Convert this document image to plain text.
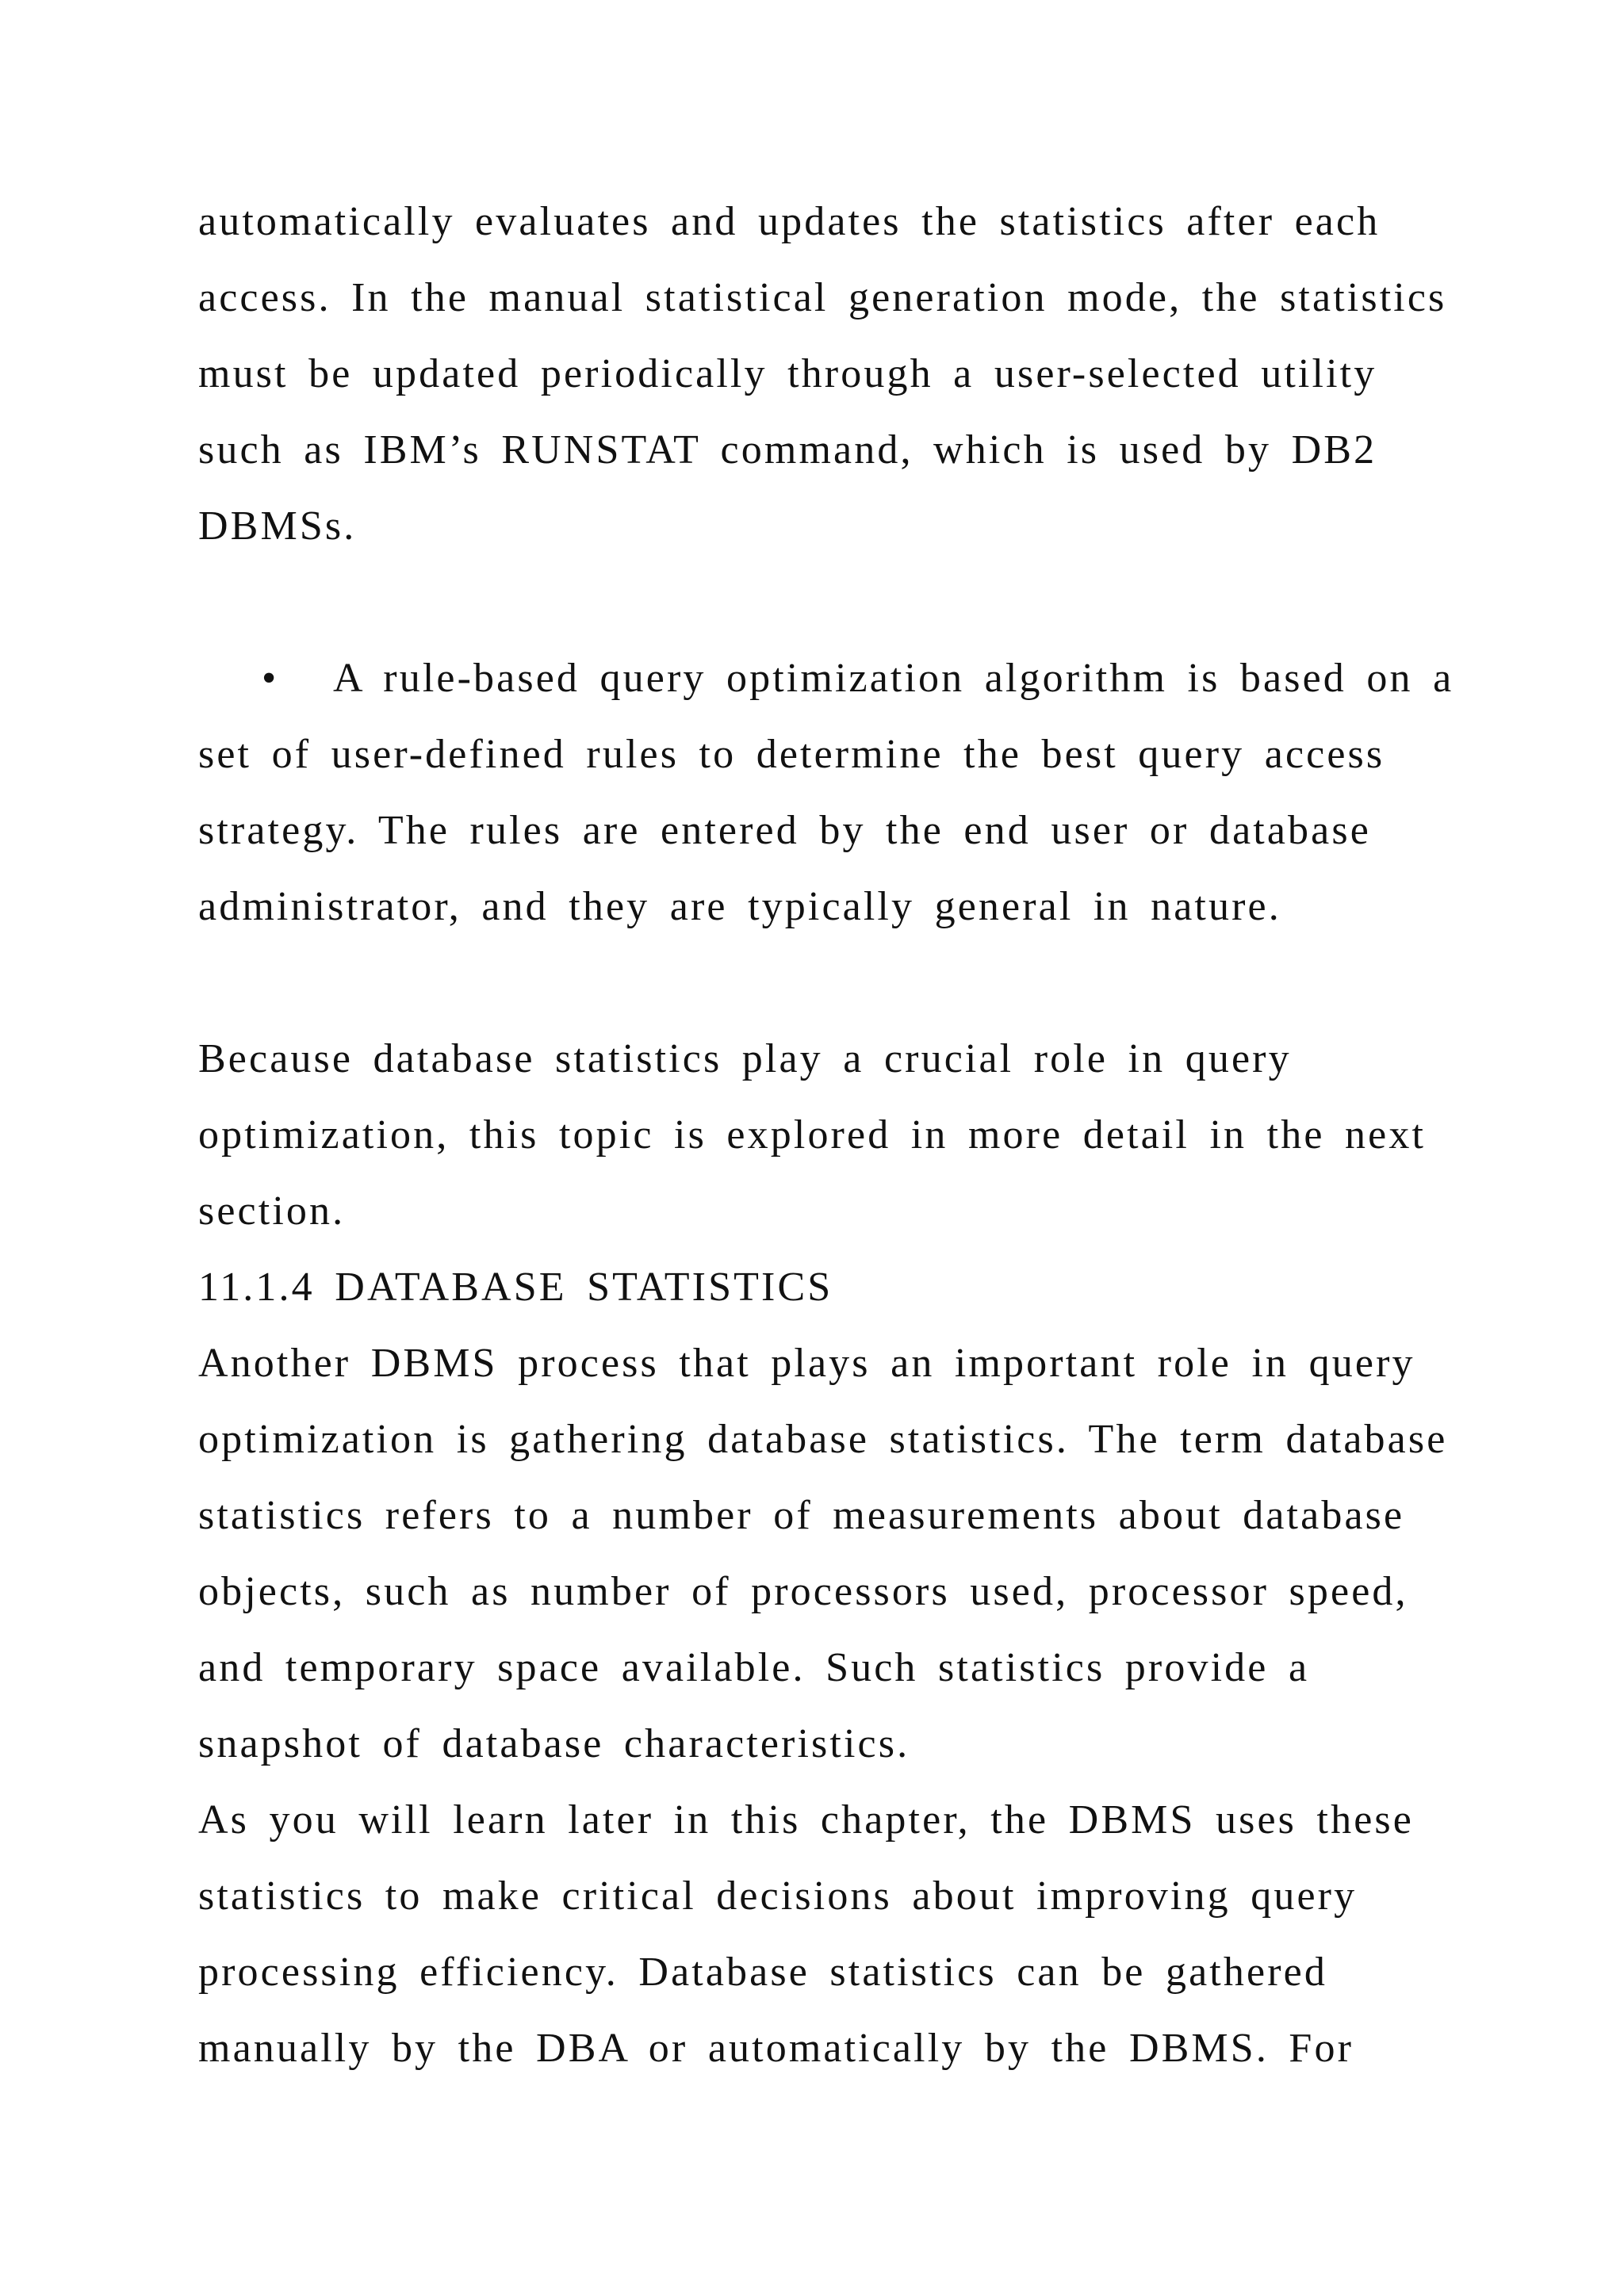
automatically evaluates and updates the statistics after each
access. In the manual statistical generation mode, the statistics
must be updated periodically through a user-selected utility
such as IBM’s RUNSTAT command, which is used by DB2
DBMSs.
• A rule-based query optimization algorithm is based on a
set of user-defined rules to determine the best query access
strategy. The rules are entered by the end user or database
administrator, and they are typically general in nature.
Because database statistics play a crucial role in query
optimization, this topic is explored in more detail in the next
section.
11.1.4 DATABASE STATISTICS
Another DBMS process that plays an important role in query
optimization is gathering database statistics. The term database
statistics refers to a number of measurements about database
objects, such as number of processors used, processor speed,
and temporary space available. Such statistics provide a
snapshot of database characteristics.
As you will learn later in this chapter, the DBMS uses these
statistics to make critical decisions about improving query
processing efficiency. Database statistics can be gathered
manually by the DBA or automatically by the DBMS. For
